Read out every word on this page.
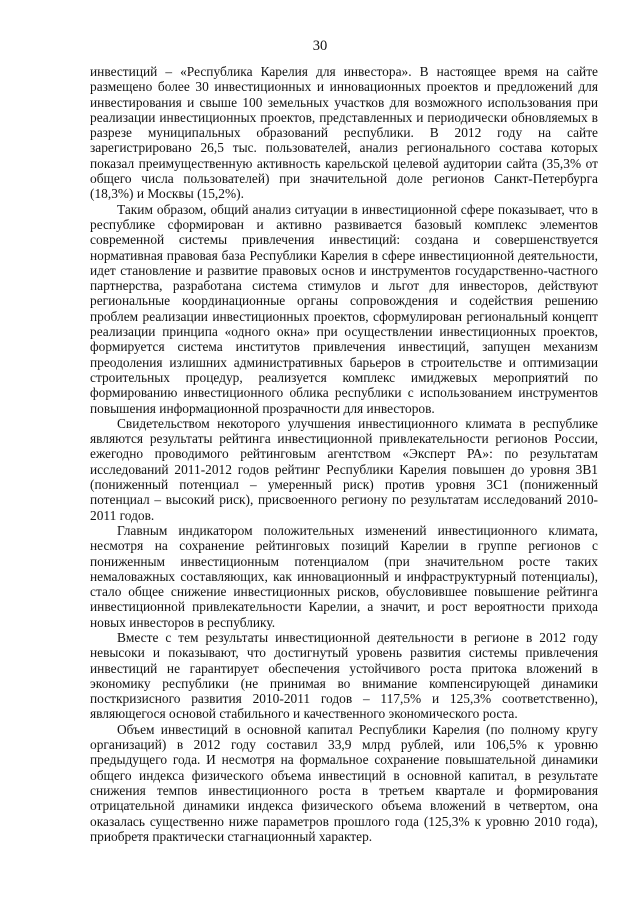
30

инвестиций – «Республика Карелия для инвестора». В настоящее время на сайте размещено более 30 инвестиционных и инновационных проектов и предложений для инвестирования и свыше 100 земельных участков для возможного использования при реализации инвестиционных проектов, представленных и периодически обновляемых в разрезе муниципальных образований республики. В 2012 году на сайте зарегистрировано 26,5 тыс. пользователей, анализ регионального состава которых показал преимущественную активность карельской целевой аудитории сайта (35,3% от общего числа пользователей) при значительной доле регионов Санкт-Петербурга (18,3%) и Москвы (15,2%).

Таким образом, общий анализ ситуации в инвестиционной сфере показывает, что в республике сформирован и активно развивается базовый комплекс элементов современной системы привлечения инвестиций: создана и совершенствуется нормативная правовая база Республики Карелия в сфере инвестиционной деятельности, идет становление и развитие правовых основ и инструментов государственно-частного партнерства, разработана система стимулов и льгот для инвесторов, действуют региональные координационные органы сопровождения и содействия решению проблем реализации инвестиционных проектов, сформулирован региональный концепт реализации принципа «одного окна» при осуществлении инвестиционных проектов, формируется система институтов привлечения инвестиций, запущен механизм преодоления излишних административных барьеров в строительстве и оптимизации строительных процедур, реализуется комплекс имиджевых мероприятий по формированию инвестиционного облика республики с использованием инструментов повышения информационной прозрачности для инвесторов.

Свидетельством некоторого улучшения инвестиционного климата в республике являются результаты рейтинга инвестиционной привлекательности регионов России, ежегодно проводимого рейтинговым агентством «Эксперт РА»: по результатам исследований 2011-2012 годов рейтинг Республики Карелия повышен до уровня 3В1 (пониженный потенциал – умеренный риск) против уровня 3С1 (пониженный потенциал – высокий риск), присвоенного региону по результатам исследований 2010-2011 годов.

Главным индикатором положительных изменений инвестиционного климата, несмотря на сохранение рейтинговых позиций Карелии в группе регионов с пониженным инвестиционным потенциалом (при значительном росте таких немаловажных составляющих, как инновационный и инфраструктурный потенциалы), стало общее снижение инвестиционных рисков, обусловившее повышение рейтинга инвестиционной привлекательности Карелии, а значит, и рост вероятности прихода новых инвесторов в республику.

Вместе с тем результаты инвестиционной деятельности в регионе в 2012 году невысоки и показывают, что достигнутый уровень развития системы привлечения инвестиций не гарантирует обеспечения устойчивого роста притока вложений в экономику республики (не принимая во внимание компенсирующей динамики посткризисного развития 2010-2011 годов – 117,5% и 125,3% соответственно), являющегося основой стабильного и качественного экономического роста.

Объем инвестиций в основной капитал Республики Карелия (по полному кругу организаций) в 2012 году составил 33,9 млрд рублей, или 106,5% к уровню предыдущего года. И несмотря на формальное сохранение повышательной динамики общего индекса физического объема инвестиций в основной капитал, в результате снижения темпов инвестиционного роста в третьем квартале и формирования отрицательной динамики индекса физического объема вложений в четвертом, она оказалась существенно ниже параметров прошлого года (125,3% к уровню 2010 года), приобретя практически стагнационный характер.
